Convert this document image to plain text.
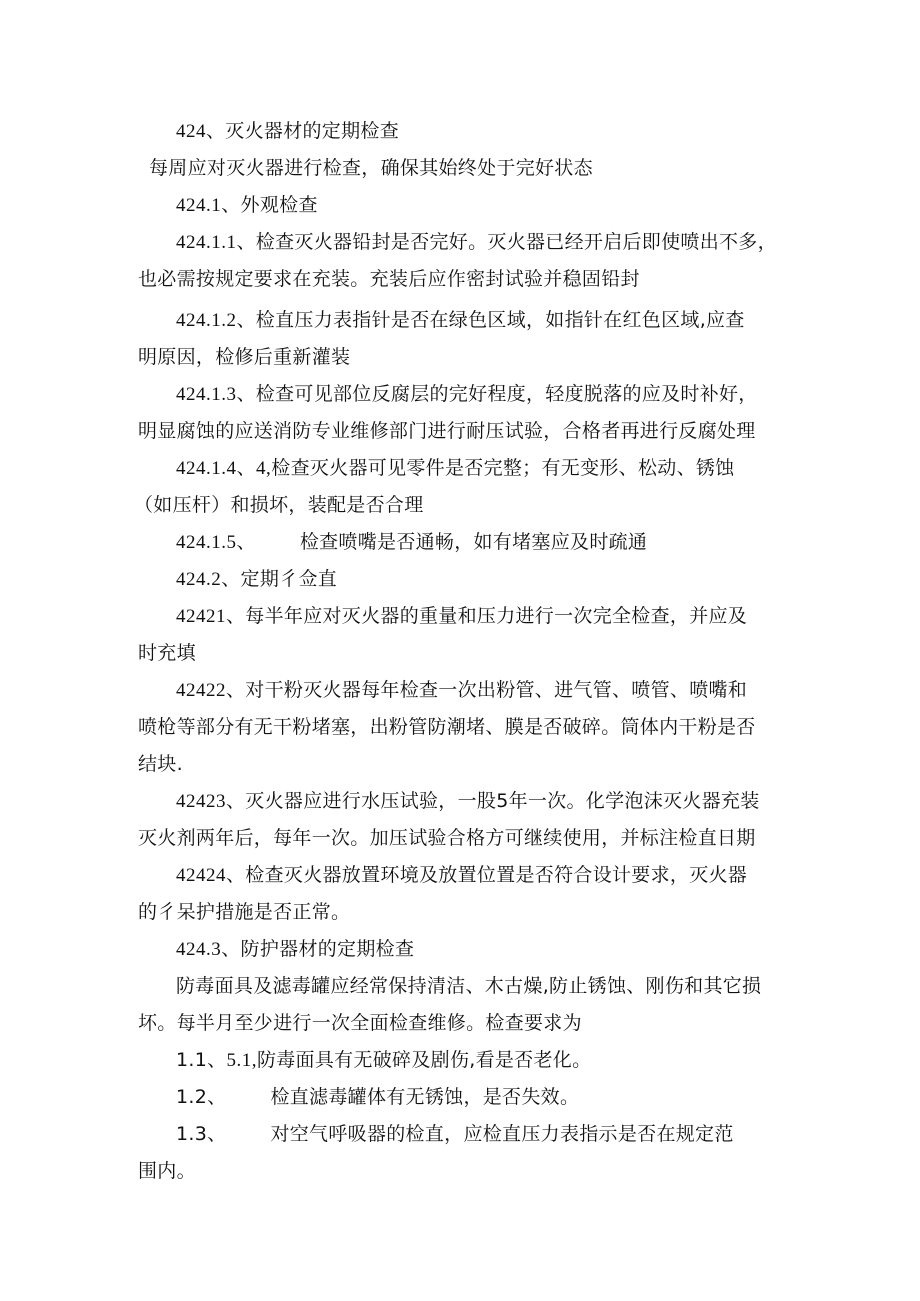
424、灭火器材的定期检查
每周应对灭火器进行检查，确保其始终处于完好状态
424.1、外观检查
424.1.1、检查灭火器铅封是否完好。灭火器已经开启后即使喷出不多，
也必需按规定要求在充装。充装后应作密封试验并稳固铅封
424.1.2、检直压力表指针是否在绿色区域，如指针在红色区域,应查
明原因，检修后重新灌装
424.1.3、检查可见部位反腐层的完好程度，轻度脱落的应及时补好，
明显腐蚀的应送消防专业维修部门进行耐压试验，合格者再进行反腐处理
424.1.4、4,检查灭火器可见零件是否完整；有无变形、松动、锈蚀
（如压杆）和损坏，装配是否合理
424.1.5、 检查喷嘴是否通畅，如有堵塞应及时疏通
424.2、定期彳佥直
42421、每半年应对灭火器的重量和压力进行一次完全检查，并应及
时充填
42422、对干粉灭火器每年检查一次出粉管、进气管、喷管、喷嘴和
喷枪等部分有无干粉堵塞，出粉管防潮堵、膜是否破碎。筒体内干粉是否
结块.
42423、灭火器应进行水压试验，一股5年一次。化学泡沫灭火器充装
灭火剂两年后，每年一次。加压试验合格方可继续使用，并标注检直日期
42424、检查灭火器放置环境及放置位置是否符合设计要求，灭火器
的彳呆护措施是否正常。
424.3、防护器材的定期检查
防毒面具及滤毒罐应经常保持清洁、木古燥,防止锈蚀、刚伤和其它损
坏。每半月至少进行一次全面检查维修。检查要求为
1.1、5.1,防毒面具有无破碎及剧伤,看是否老化。
1.2、 检直滤毒罐体有无锈蚀，是否失效。
1.3、 对空气呼吸器的检直，应检直压力表指示是否在规定范
围内。
